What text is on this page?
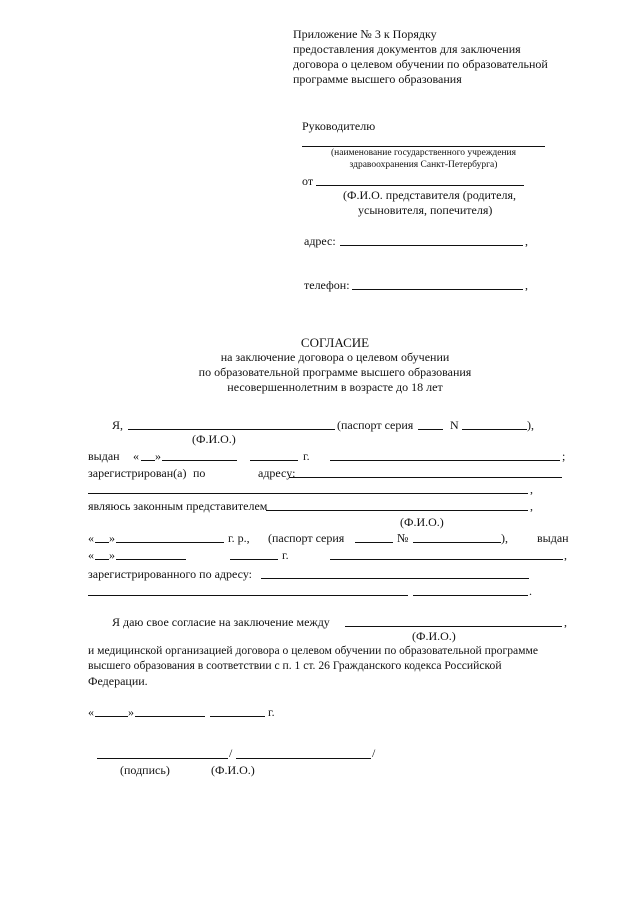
Приложение № 3 к Порядку
предоставления документов для заключения
договора о целевом обучении по образовательной
программе высшего образования
Руководителю
(наименование государственного учреждения
здравоохранения Санкт-Петербурга)
от
(Ф.И.О. представителя (родителя,
усыновителя, попечителя)
адрес:	,
телефон:	,
СОГЛАСИЕ
на заключение договора о целевом обучении
по образовательной программе высшего образования
несовершеннолетним в возрасте до 18 лет
Я,	(паспорт серия	N	),
(Ф.И.О.)
выдан « »	г.	;
зарегистрирован(а) по	адресу:
,
являюсь законным представителем	,
(Ф.И.О.)
« »	г. р., (паспорт серия	№	), выдан
« »	г.	,
зарегистрированного по адресу:
.
Я даю свое согласие на заключение между	,
(Ф.И.О.)
и медицинской организацией договора о целевом обучении по образовательной программе
высшего образования в соответствии с п. 1 ст. 26 Гражданского кодекса Российской
Федерации.
«	»	г.
/	/
(подпись)	(Ф.И.О.)
